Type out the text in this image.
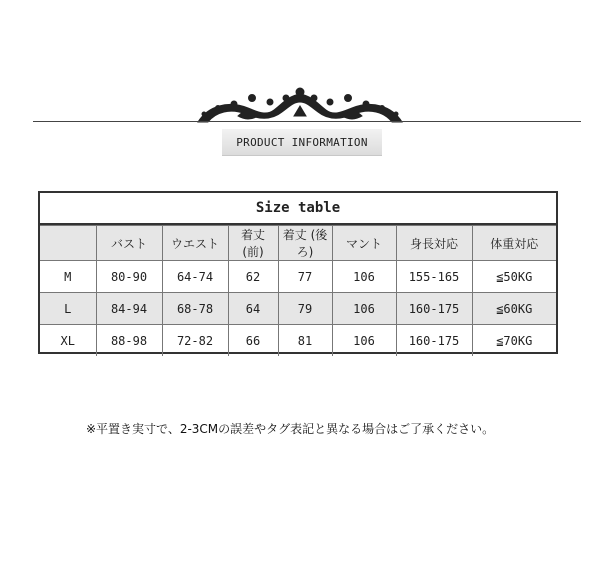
PRODUCT INFORMATION
Size table
	バスト	ウエスト	着丈 (前)	着丈 (後ろ)	マント	身長対応	体重対応
M	80-90	64-74	62	77	106	155-165	≦50KG
L	84-94	68-78	64	79	106	160-175	≦60KG
XL	88-98	72-82	66	81	106	160-175	≦70KG
※平置き実寸で、2-3CMの誤差やタグ表記と異なる場合はご了承ください。
